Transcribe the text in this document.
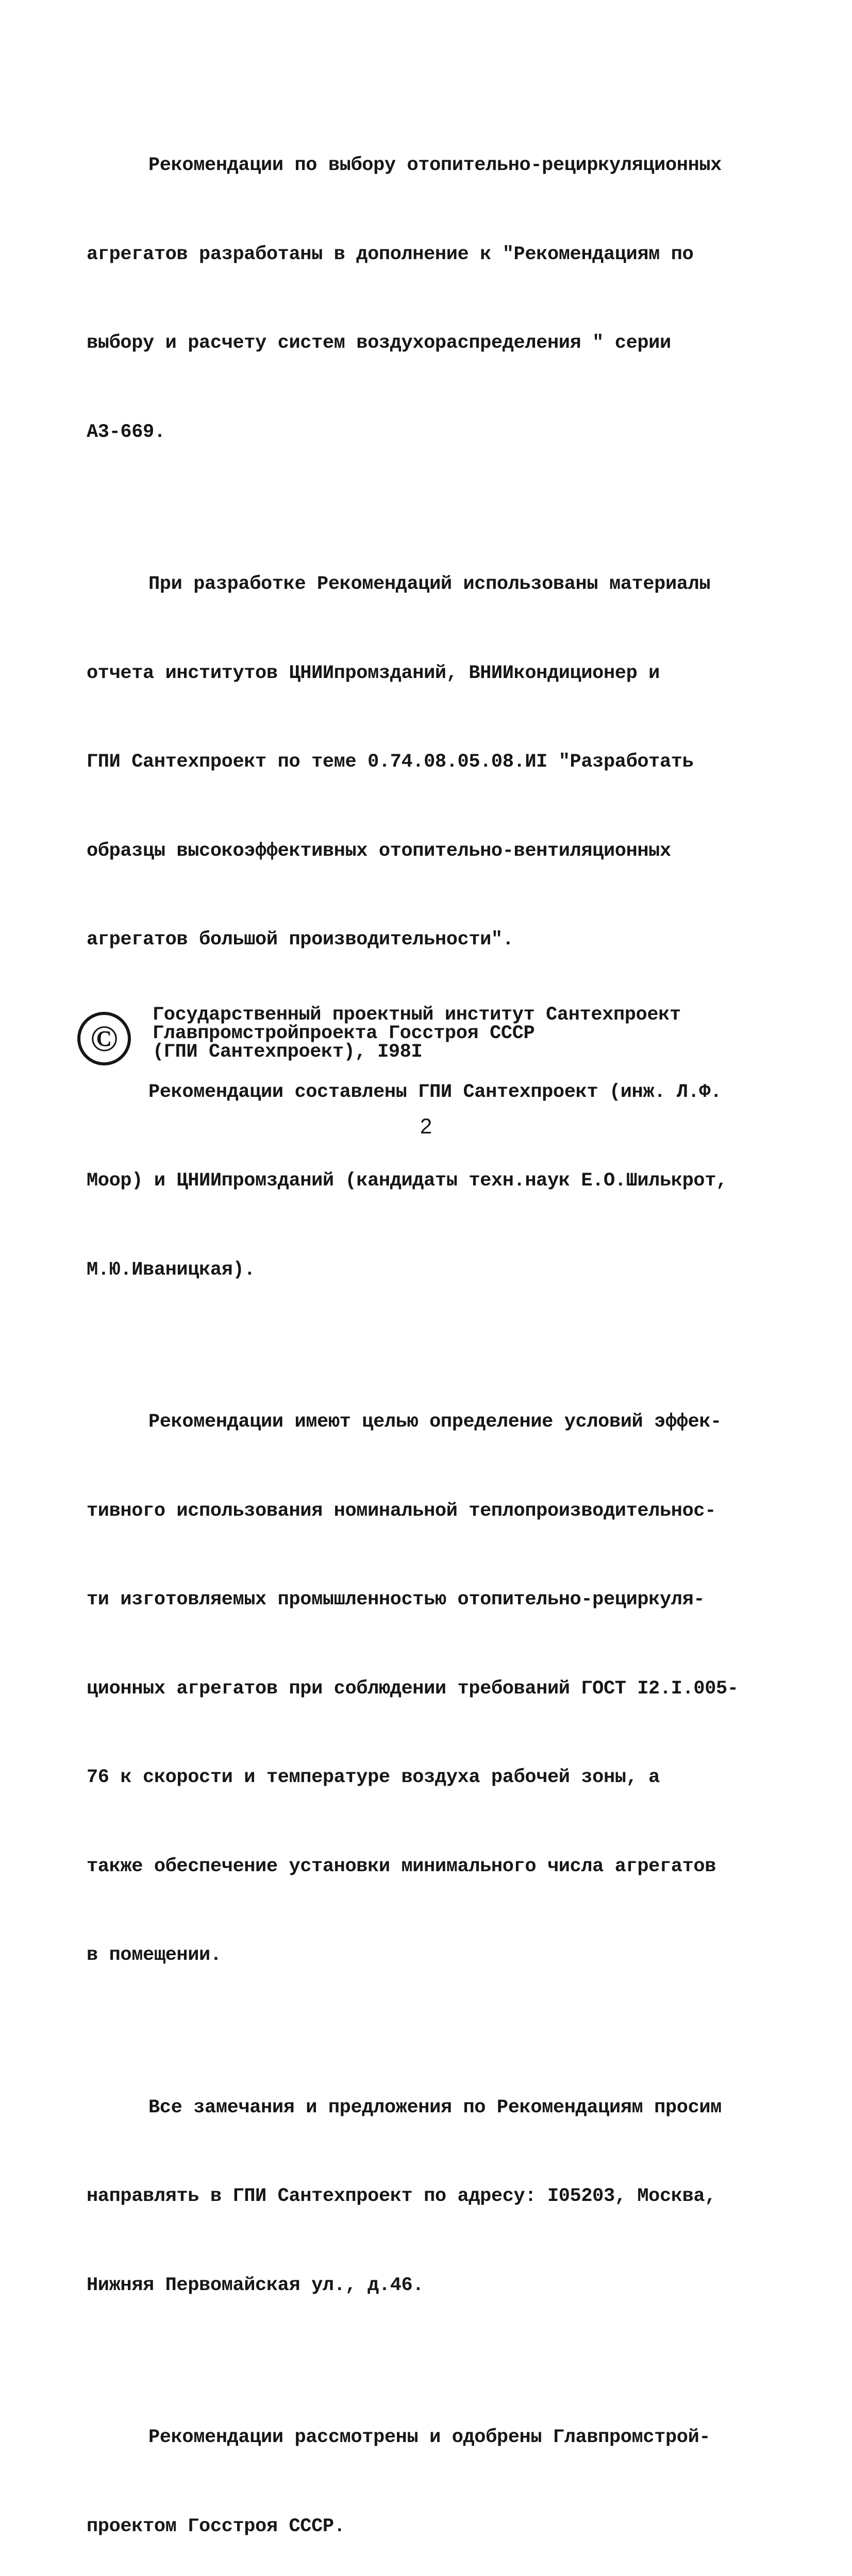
Рекомендации по выбору отопительно-рециркуляционных

агрегатов разработаны в дополнение к "Рекомендациям по

выбору и расчету систем воздухораспределения " серии

А3-669.

При разработке Рекомендаций использованы материалы

отчета институтов ЦНИИпромзданий, ВНИИкондиционер и

ГПИ Сантехпроект по теме 0.74.08.05.08.ИI "Разработать

образцы высокоэффективных отопительно-вентиляционных

агрегатов большой производительности".

Рекомендации составлены ГПИ Сантехпроект (инж. Л.Ф.

Моор) и ЦНИИпромзданий (кандидаты техн.наук Е.О.Шилькрот,

М.Ю.Иваницкая).

Рекомендации имеют целью определение условий эффек-

тивного использования номинальной теплопроизводительнос-

ти изготовляемых промышленностью отопительно-рециркуля-

ционных агрегатов при соблюдении требований ГОСТ I2.I.005-

76 к скорости и температуре воздуха рабочей зоны, а

также обеспечение установки минимального числа агрегатов

в помещении.

Все замечания и предложения по Рекомендациям просим

направлять в ГПИ Сантехпроект по адресу: I05203, Москва,

Нижняя Первомайская ул., д.46.

Рекомендации рассмотрены и одобрены Главпромстрой-

проектом Госстроя СССР.

©
Государственный проектный институт Сантехпроект
Главпромстройпроекта Госстроя СССР
(ГПИ Сантехпроект), I98I
2
